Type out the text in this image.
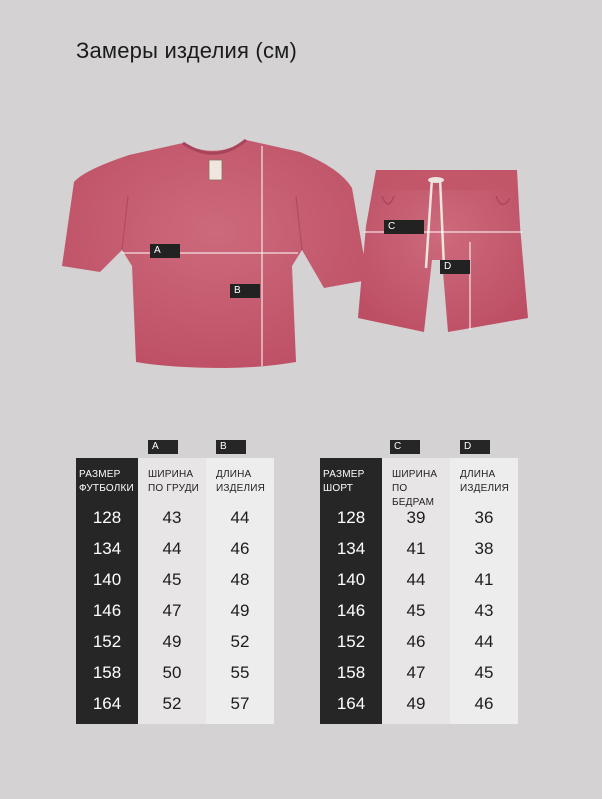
Замеры изделия (см)
A
B
C
D
A	B
РАЗМЕР
ФУТБОЛКИ
128
134
140
146
152
158
164
ШИРИНА
ПО ГРУДИ
43
44
45
47
49
50
52
ДЛИНА
ИЗДЕЛИЯ
44
46
48
49
52
55
57
C	D
РАЗМЕР
ШОРТ
128
134
140
146
152
158
164
ШИРИНА
ПО БЕДРАМ
39
41
44
45
46
47
49
ДЛИНА
ИЗДЕЛИЯ
36
38
41
43
44
45
46
